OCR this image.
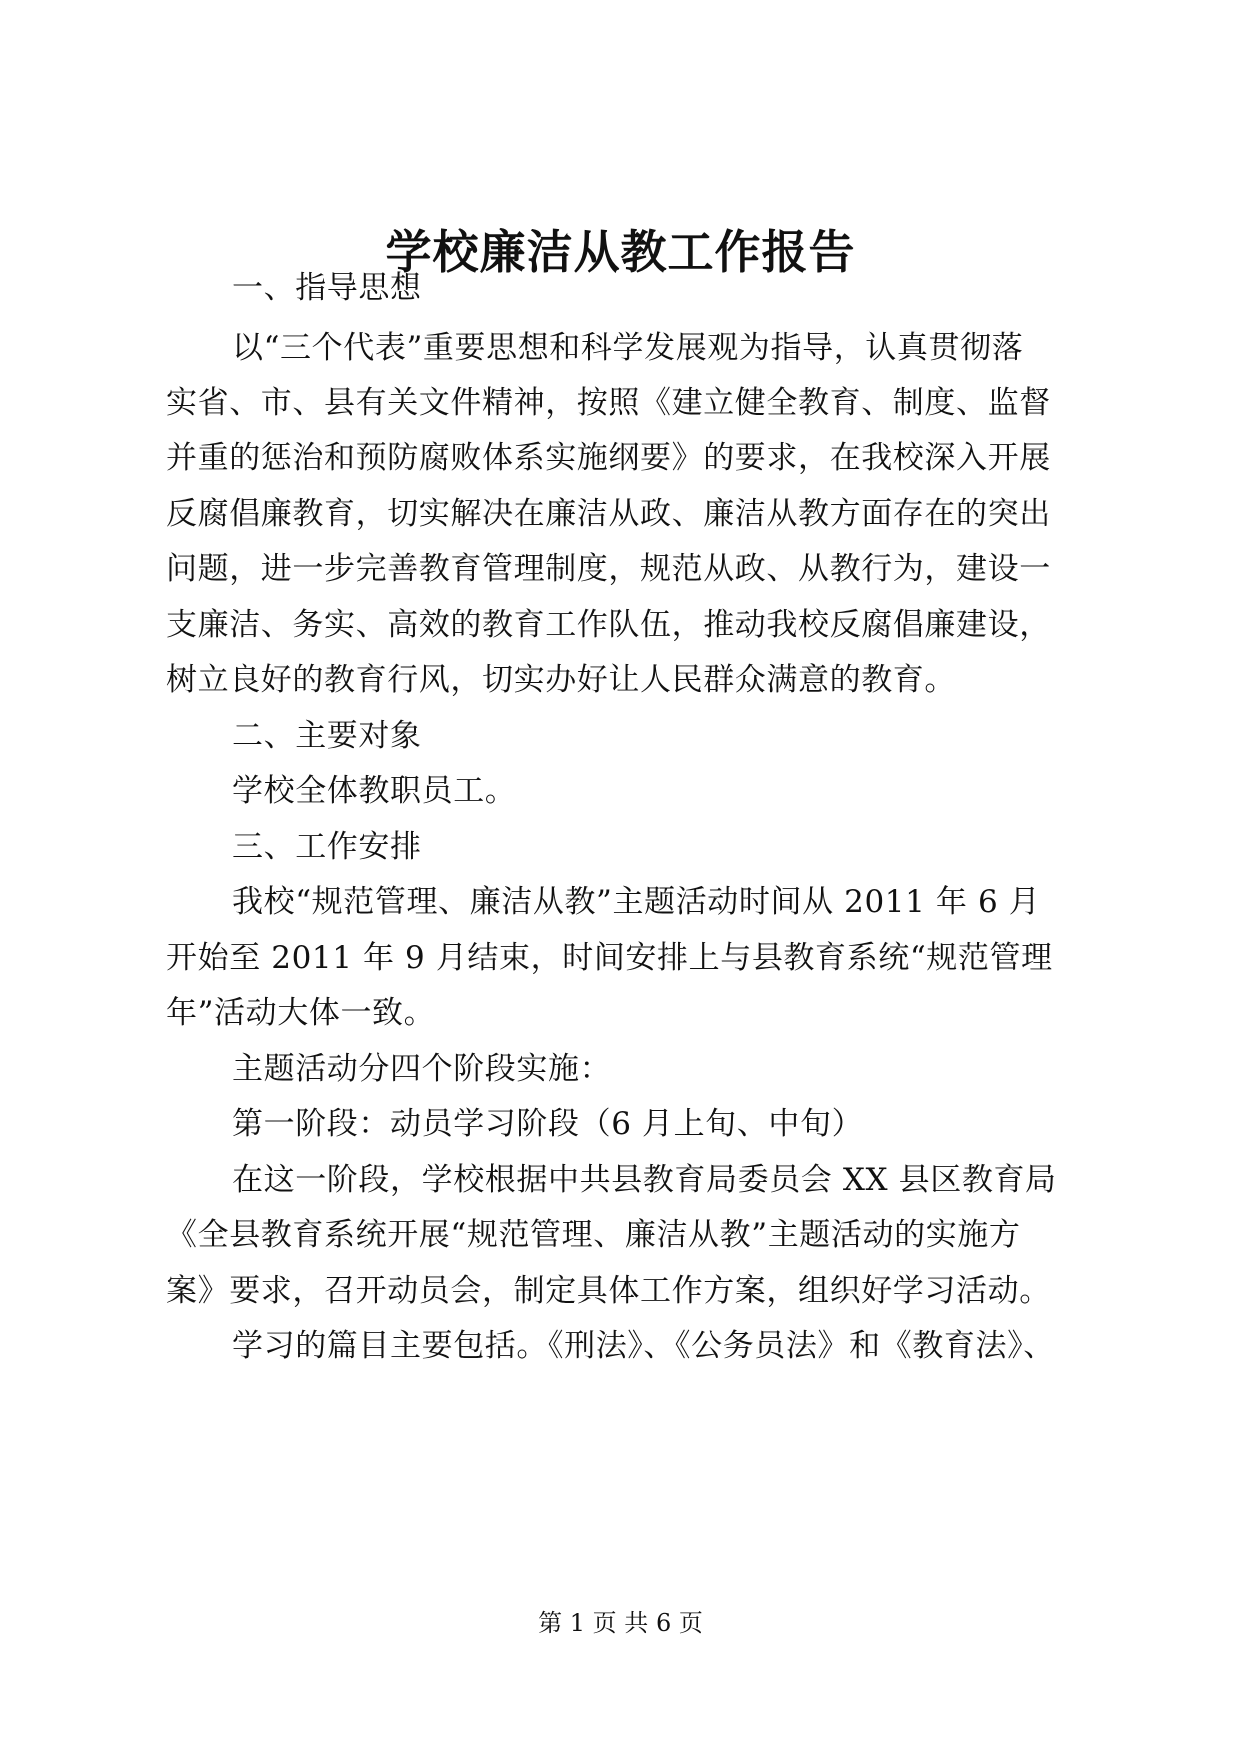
学校廉洁从教工作报告
一、指导思想
以“三个代表”重要思想和科学发展观为指导，认真贯彻落
实省、市、县有关文件精神，按照《建立健全教育、制度、监督
并重的惩治和预防腐败体系实施纲要》的要求，在我校深入开展
反腐倡廉教育，切实解决在廉洁从政、廉洁从教方面存在的突出
问题，进一步完善教育管理制度，规范从政、从教行为，建设一
支廉洁、务实、高效的教育工作队伍，推动我校反腐倡廉建设，
树立良好的教育行风，切实办好让人民群众满意的教育。
二、主要对象
学校全体教职员工。
三、工作安排
我校“规范管理、廉洁从教”主题活动时间从 2011 年 6 月
开始至 2011 年 9 月结束，时间安排上与县教育系统“规范管理
年”活动大体一致。
主题活动分四个阶段实施：
第一阶段：动员学习阶段（6 月上旬、中旬）
在这一阶段，学校根据中共县教育局委员会 XX 县区教育局
《全县教育系统开展“规范管理、廉洁从教”主题活动的实施方
案》要求，召开动员会，制定具体工作方案，组织好学习活动。
学习的篇目主要包括。《刑法》、《公务员法》和《教育法》、
第 1 页 共 6 页
